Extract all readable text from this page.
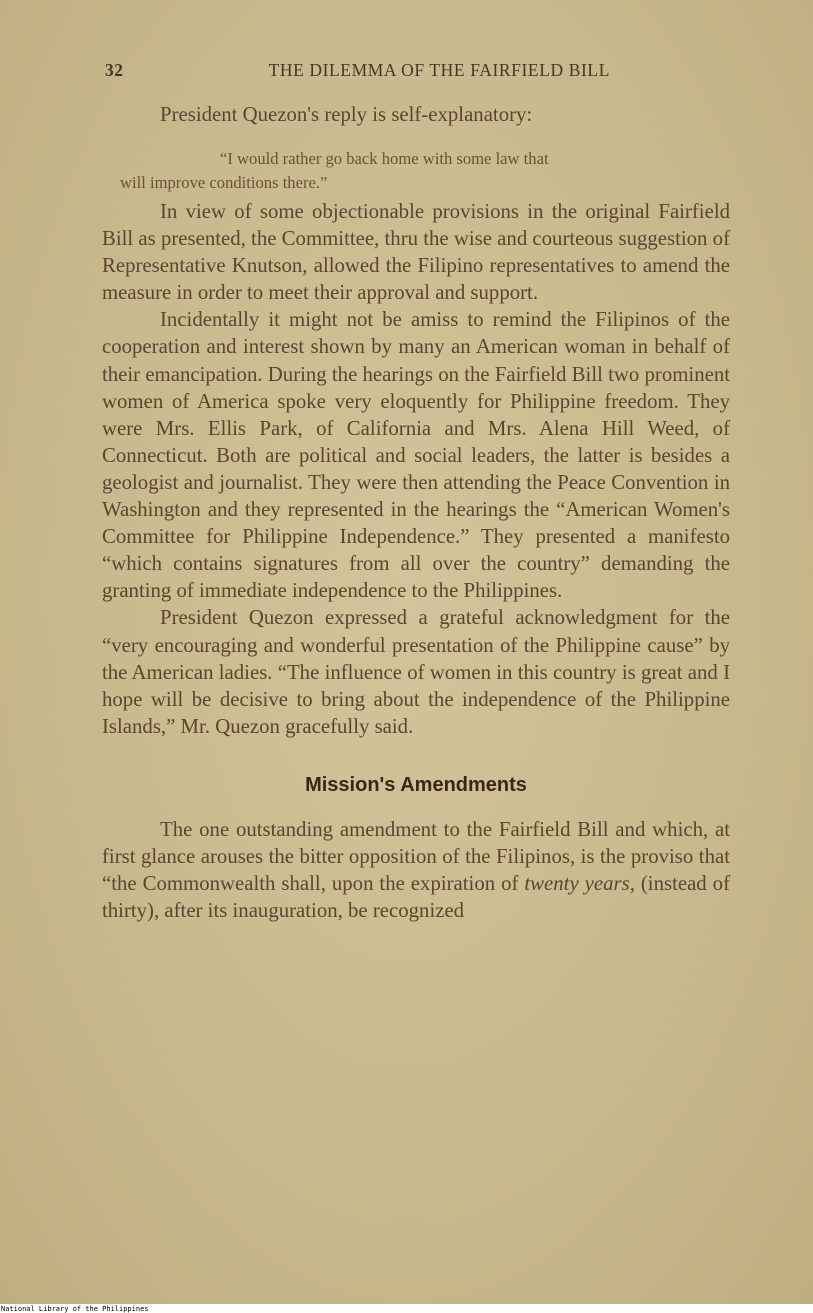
32	THE DILEMMA OF THE FAIRFIELD BILL

President Quezon's reply is self-explanatory:

“I would rather go back home with some law that
will improve conditions there.”

In view of some objectionable provisions in the original Fairfield Bill as presented, the Committee, thru the wise and courteous suggestion of Representative Knutson, allowed the Filipino representatives to amend the measure in order to meet their approval and support.

Incidentally it might not be amiss to remind the Filipinos of the cooperation and interest shown by many an American woman in behalf of their emancipation. During the hearings on the Fairfield Bill two prominent women of America spoke very eloquently for Philippine freedom. They were Mrs. Ellis Park, of California and Mrs. Alena Hill Weed, of Connecticut. Both are political and social leaders, the latter is besides a geologist and journalist. They were then attending the Peace Convention in Washington and they represented in the hearings the “American Women's Committee for Philippine Independence.” They presented a manifesto “which contains signatures from all over the country” demanding the granting of immediate independence to the Philippines.

President Quezon expressed a grateful acknowledgment for the “very encouraging and wonderful presentation of the Philippine cause” by the American ladies. “The influence of women in this country is great and I hope will be decisive to bring about the independence of the Philippine Islands,” Mr. Quezon gracefully said.

Mission's Amendments

The one outstanding amendment to the Fairfield Bill and which, at first glance arouses the bitter opposition of the Filipinos, is the proviso that “the Commonwealth shall, upon the expiration of twenty years, (instead of thirty), after its inauguration, be recognized

National Library of the Philippines
